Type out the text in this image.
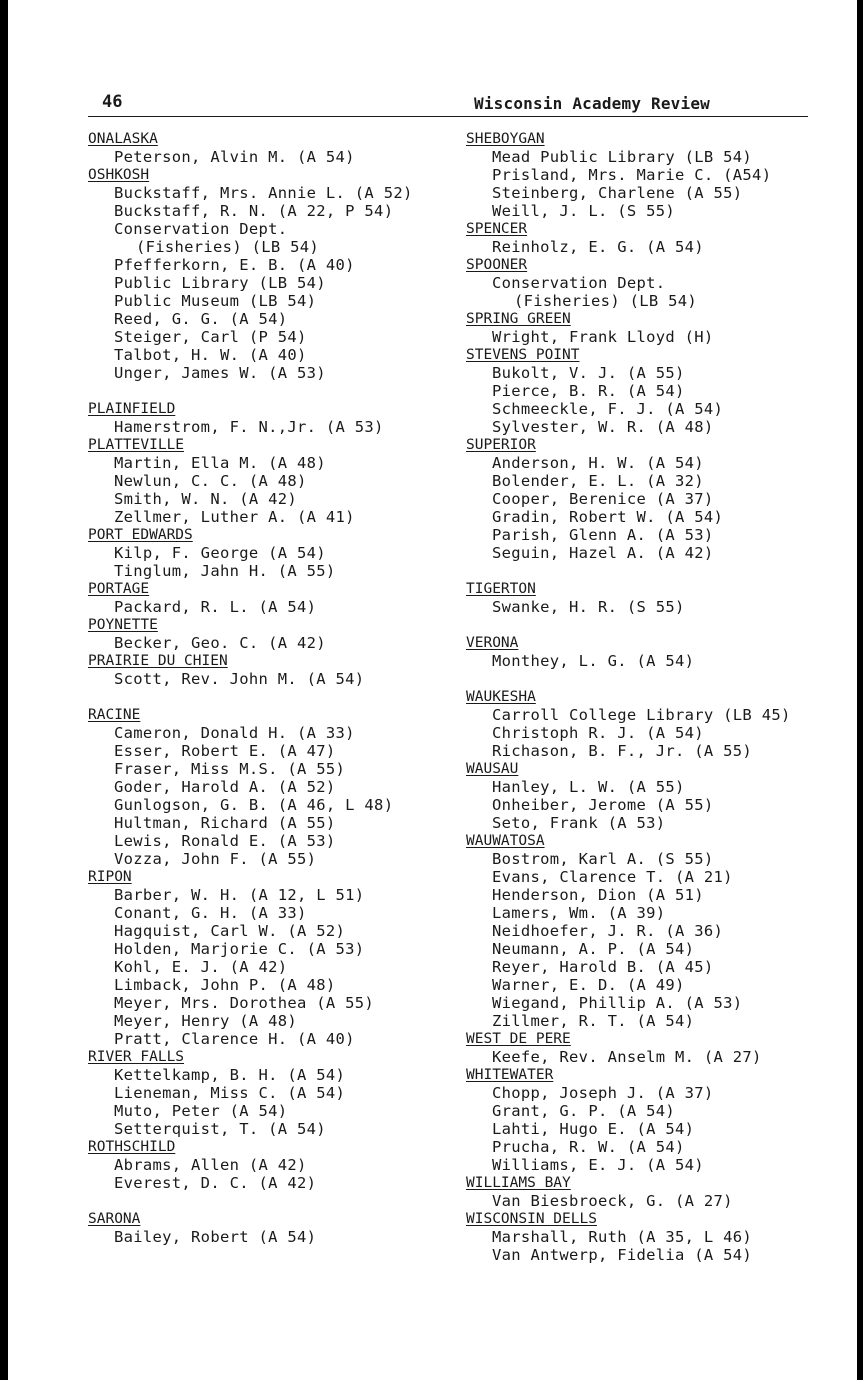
46	Wisconsin Academy Review
ONALASKA
Peterson, Alvin M. (A 54)
OSHKOSH
Buckstaff, Mrs. Annie L. (A 52)
Buckstaff, R. N. (A 22, P 54)
Conservation Dept.
(Fisheries) (LB 54)
Pfefferkorn, E. B. (A 40)
Public Library (LB 54)
Public Museum (LB 54)
Reed, G. G. (A 54)
Steiger, Carl (P 54)
Talbot, H. W. (A 40)
Unger, James W. (A 53)
PLAINFIELD
Hamerstrom, F. N.,Jr. (A 53)
PLATTEVILLE
Martin, Ella M. (A 48)
Newlun, C. C. (A 48)
Smith, W. N. (A 42)
Zellmer, Luther A. (A 41)
PORT EDWARDS
Kilp, F. George (A 54)
Tinglum, Jahn H. (A 55)
PORTAGE
Packard, R. L. (A 54)
POYNETTE
Becker, Geo. C. (A 42)
PRAIRIE DU CHIEN
Scott, Rev. John M. (A 54)
RACINE
Cameron, Donald H. (A 33)
Esser, Robert E. (A 47)
Fraser, Miss M.S. (A 55)
Goder, Harold A. (A 52)
Gunlogson, G. B. (A 46, L 48)
Hultman, Richard (A 55)
Lewis, Ronald E. (A 53)
Vozza, John F. (A 55)
RIPON
Barber, W. H. (A 12, L 51)
Conant, G. H. (A 33)
Hagquist, Carl W. (A 52)
Holden, Marjorie C. (A 53)
Kohl, E. J. (A 42)
Limback, John P. (A 48)
Meyer, Mrs. Dorothea (A 55)
Meyer, Henry (A 48)
Pratt, Clarence H. (A 40)
RIVER FALLS
Kettelkamp, B. H. (A 54)
Lieneman, Miss C. (A 54)
Muto, Peter (A 54)
Setterquist, T. (A 54)
ROTHSCHILD
Abrams, Allen (A 42)
Everest, D. C. (A 42)
SARONA
Bailey, Robert (A 54)
SHEBOYGAN
Mead Public Library (LB 54)
Prisland, Mrs. Marie C. (A54)
Steinberg, Charlene (A 55)
Weill, J. L. (S 55)
SPENCER
Reinholz, E. G. (A 54)
SPOONER
Conservation Dept.
(Fisheries) (LB 54)
SPRING GREEN
Wright, Frank Lloyd (H)
STEVENS POINT
Bukolt, V. J. (A 55)
Pierce, B. R. (A 54)
Schmeeckle, F. J. (A 54)
Sylvester, W. R. (A 48)
SUPERIOR
Anderson, H. W. (A 54)
Bolender, E. L. (A 32)
Cooper, Berenice (A 37)
Gradin, Robert W. (A 54)
Parish, Glenn A. (A 53)
Seguin, Hazel A. (A 42)
TIGERTON
Swanke, H. R. (S 55)
VERONA
Monthey, L. G. (A 54)
WAUKESHA
Carroll College Library (LB 45)
Christoph R. J. (A 54)
Richason, B. F., Jr. (A 55)
WAUSAU
Hanley, L. W. (A 55)
Onheiber, Jerome (A 55)
Seto, Frank (A 53)
WAUWATOSA
Bostrom, Karl A. (S 55)
Evans, Clarence T. (A 21)
Henderson, Dion (A 51)
Lamers, Wm. (A 39)
Neidhoefer, J. R. (A 36)
Neumann, A. P. (A 54)
Reyer, Harold B. (A 45)
Warner, E. D. (A 49)
Wiegand, Phillip A. (A 53)
Zillmer, R. T. (A 54)
WEST DE PERE
Keefe, Rev. Anselm M. (A 27)
WHITEWATER
Chopp, Joseph J. (A 37)
Grant, G. P. (A 54)
Lahti, Hugo E. (A 54)
Prucha, R. W. (A 54)
Williams, E. J. (A 54)
WILLIAMS BAY
Van Biesbroeck, G. (A 27)
WISCONSIN DELLS
Marshall, Ruth (A 35, L 46)
Van Antwerp, Fidelia (A 54)
